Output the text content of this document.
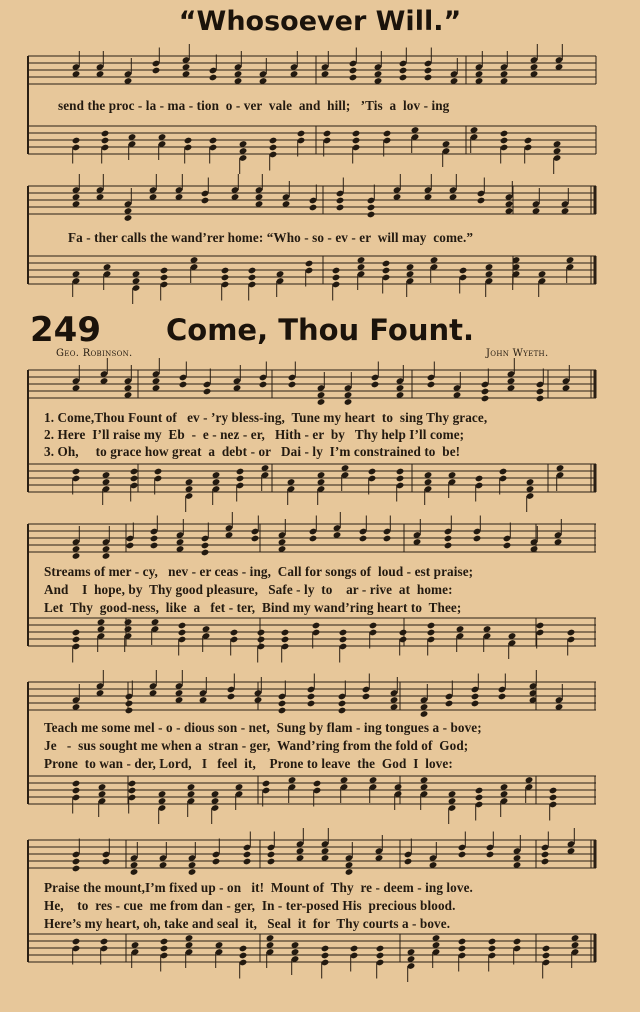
“Whosoever Will.”
send the proc - la - ma - tion  o - ver  vale  and  hill;   ’Tis  a  lov - ing
Fa - ther calls the wand’rer home: “Who - so - ev - er  will may  come.”
249	Come, Thou Fount.
Geo. Robinson.	John Wyeth.
1. Come,Thou Fount of   ev - ’ry bless-ing,  Tune my heart  to  sing Thy grace,
2. Here  I’ll raise my  Eb  -  e - nez - er,   Hith - er  by   Thy help I’ll come;
3. Oh,     to grace how great  a  debt - or   Dai - ly  I’m constrained to  be!
Streams of mer - cy,   nev - er ceas - ing,  Call for songs of  loud - est praise;
And    I  hope, by  Thy good pleasure,   Safe - ly  to    ar - rive  at  home:
Let  Thy  good-ness,  like  a   fet - ter,  Bind my wand’ring heart to  Thee;
Teach me some mel - o - dious son - net,  Sung by flam - ing tongues a - bove;
Je   -  sus sought me when a  stran - ger,  Wand’ring from the fold of  God;
Prone  to wan - der, Lord,   I   feel  it,    Prone to leave  the  God  I  love:
Praise the mount,I’m fixed up - on   it!  Mount of  Thy  re - deem - ing love.
He,    to  res - cue  me from dan - ger,  In - ter-posed His  precious blood.
Here’s my heart, oh, take and seal  it,   Seal  it  for  Thy courts a - bove.
